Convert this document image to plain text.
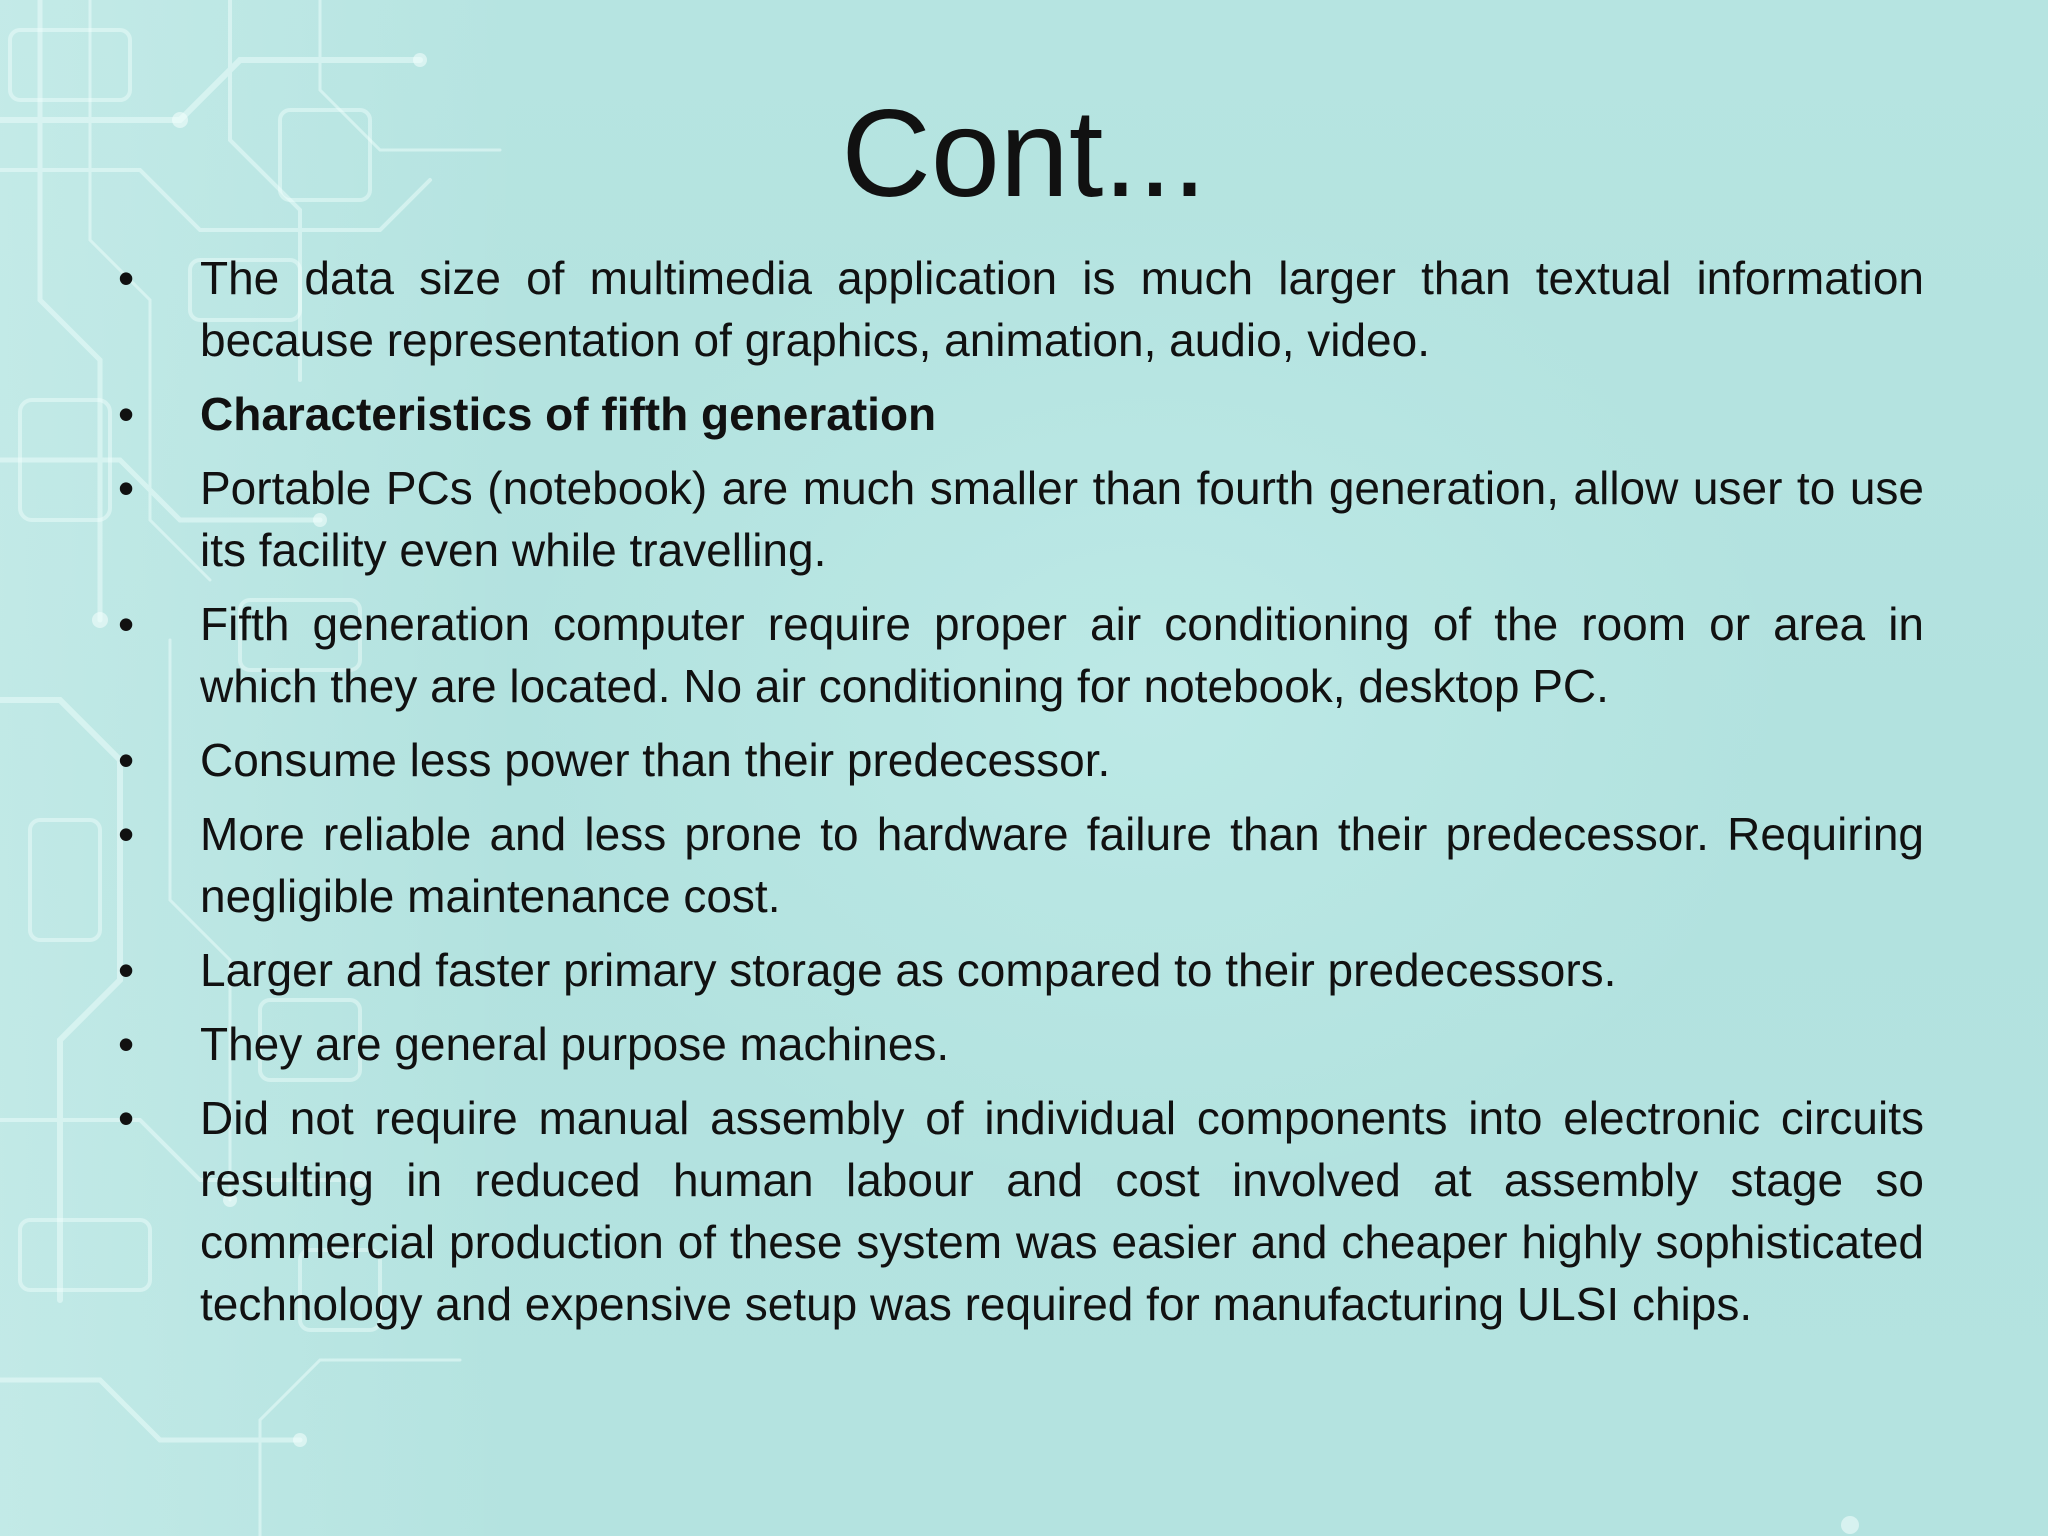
Cont...
•	The data size of multimedia application is much larger than textual information because representation of graphics, animation, audio, video.
•	Characteristics of fifth generation
•	Portable PCs (notebook) are much smaller than fourth generation, allow user to use its facility even while travelling.
•	Fifth generation computer require proper air conditioning of the room or area in which they are located. No air conditioning for notebook, desktop PC.
•	Consume less power than their predecessor.
•	More reliable and less prone to hardware failure than their predecessor. Requiring negligible maintenance cost.
•	Larger and faster primary storage as compared to their predecessors.
•	They are general purpose machines.
•	Did not require manual assembly of individual components into electronic circuits resulting in reduced human labour and cost involved at assembly stage so commercial production of these system was easier and cheaper highly sophisticated technology and expensive setup was required for manufacturing ULSI chips.
